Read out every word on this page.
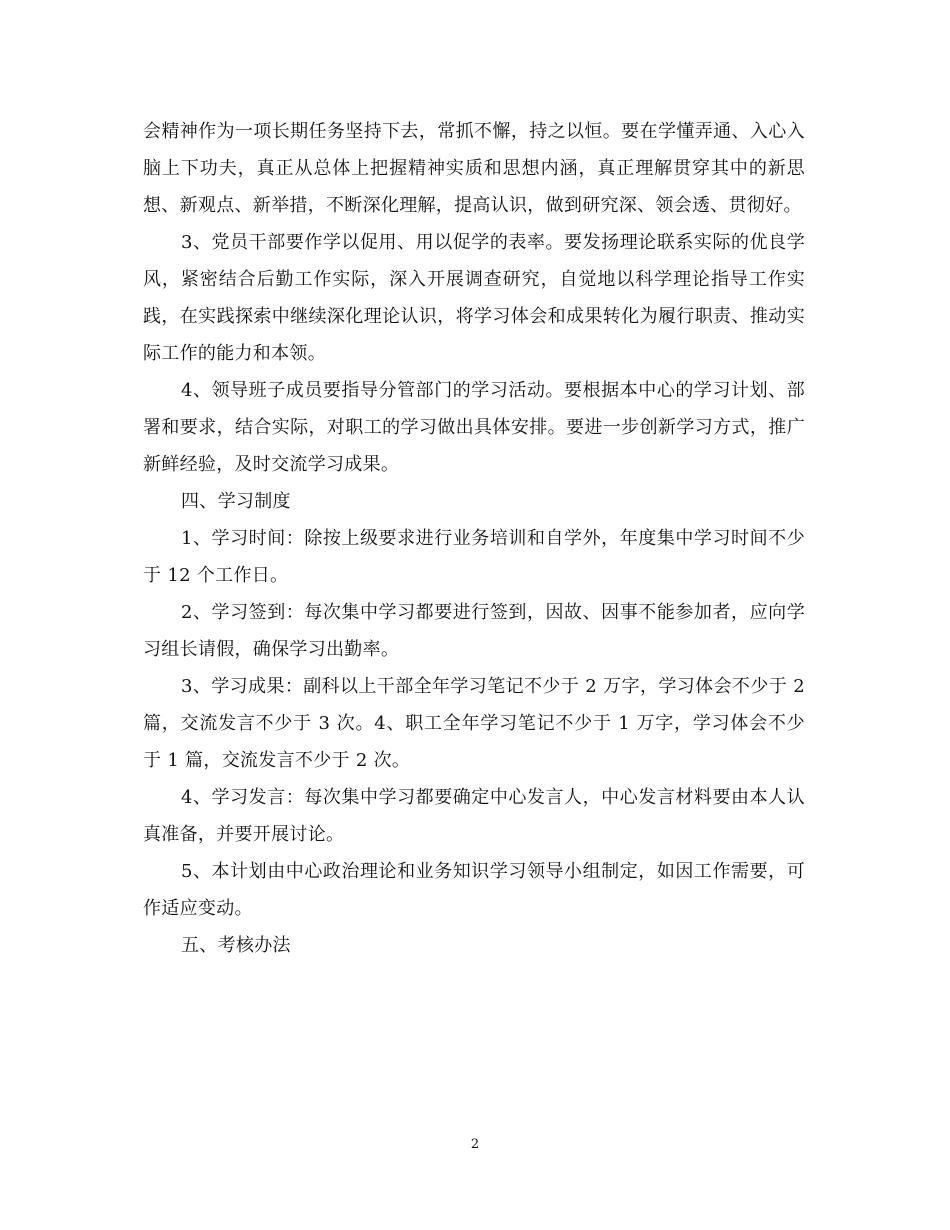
会精神作为一项长期任务坚持下去，常抓不懈，持之以恒。要在学懂弄通、入心入脑上下功夫，真正从总体上把握精神实质和思想内涵，真正理解贯穿其中的新思想、新观点、新举措，不断深化理解，提高认识，做到研究深、领会透、贯彻好。

3、党员干部要作学以促用、用以促学的表率。要发扬理论联系实际的优良学风，紧密结合后勤工作实际，深入开展调查研究，自觉地以科学理论指导工作实践，在实践探索中继续深化理论认识，将学习体会和成果转化为履行职责、推动实际工作的能力和本领。

4、领导班子成员要指导分管部门的学习活动。要根据本中心的学习计划、部署和要求，结合实际，对职工的学习做出具体安排。要进一步创新学习方式，推广新鲜经验，及时交流学习成果。

四、学习制度

1、学习时间：除按上级要求进行业务培训和自学外，年度集中学习时间不少于 12 个工作日。

2、学习签到：每次集中学习都要进行签到，因故、因事不能参加者，应向学习组长请假，确保学习出勤率。

3、学习成果：副科以上干部全年学习笔记不少于 2 万字，学习体会不少于 2 篇，交流发言不少于 3 次。4、职工全年学习笔记不少于 1 万字，学习体会不少于 1 篇，交流发言不少于 2 次。

4、学习发言：每次集中学习都要确定中心发言人，中心发言材料要由本人认真准备，并要开展讨论。

5、本计划由中心政治理论和业务知识学习领导小组制定，如因工作需要，可作适应变动。

五、考核办法

2
